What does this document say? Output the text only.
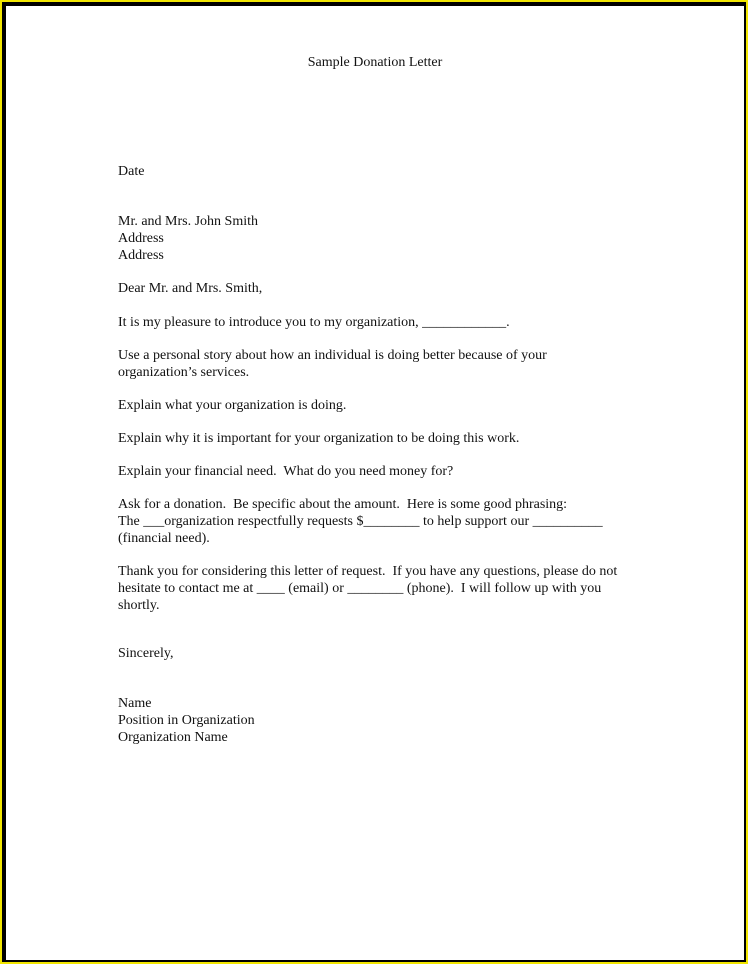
Sample Donation Letter
Date
Mr. and Mrs. John Smith
Address
Address
Dear Mr. and Mrs. Smith,
It is my pleasure to introduce you to my organization, ____________.
Use a personal story about how an individual is doing better because of your
organization’s services.
Explain what your organization is doing.
Explain why it is important for your organization to be doing this work.
Explain your financial need.  What do you need money for?
Ask for a donation.  Be specific about the amount.  Here is some good phrasing:
The ___organization respectfully requests $________ to help support our __________
(financial need).
Thank you for considering this letter of request.  If you have any questions, please do not
hesitate to contact me at ____ (email) or ________ (phone).  I will follow up with you
shortly.
Sincerely,
Name
Position in Organization
Organization Name
